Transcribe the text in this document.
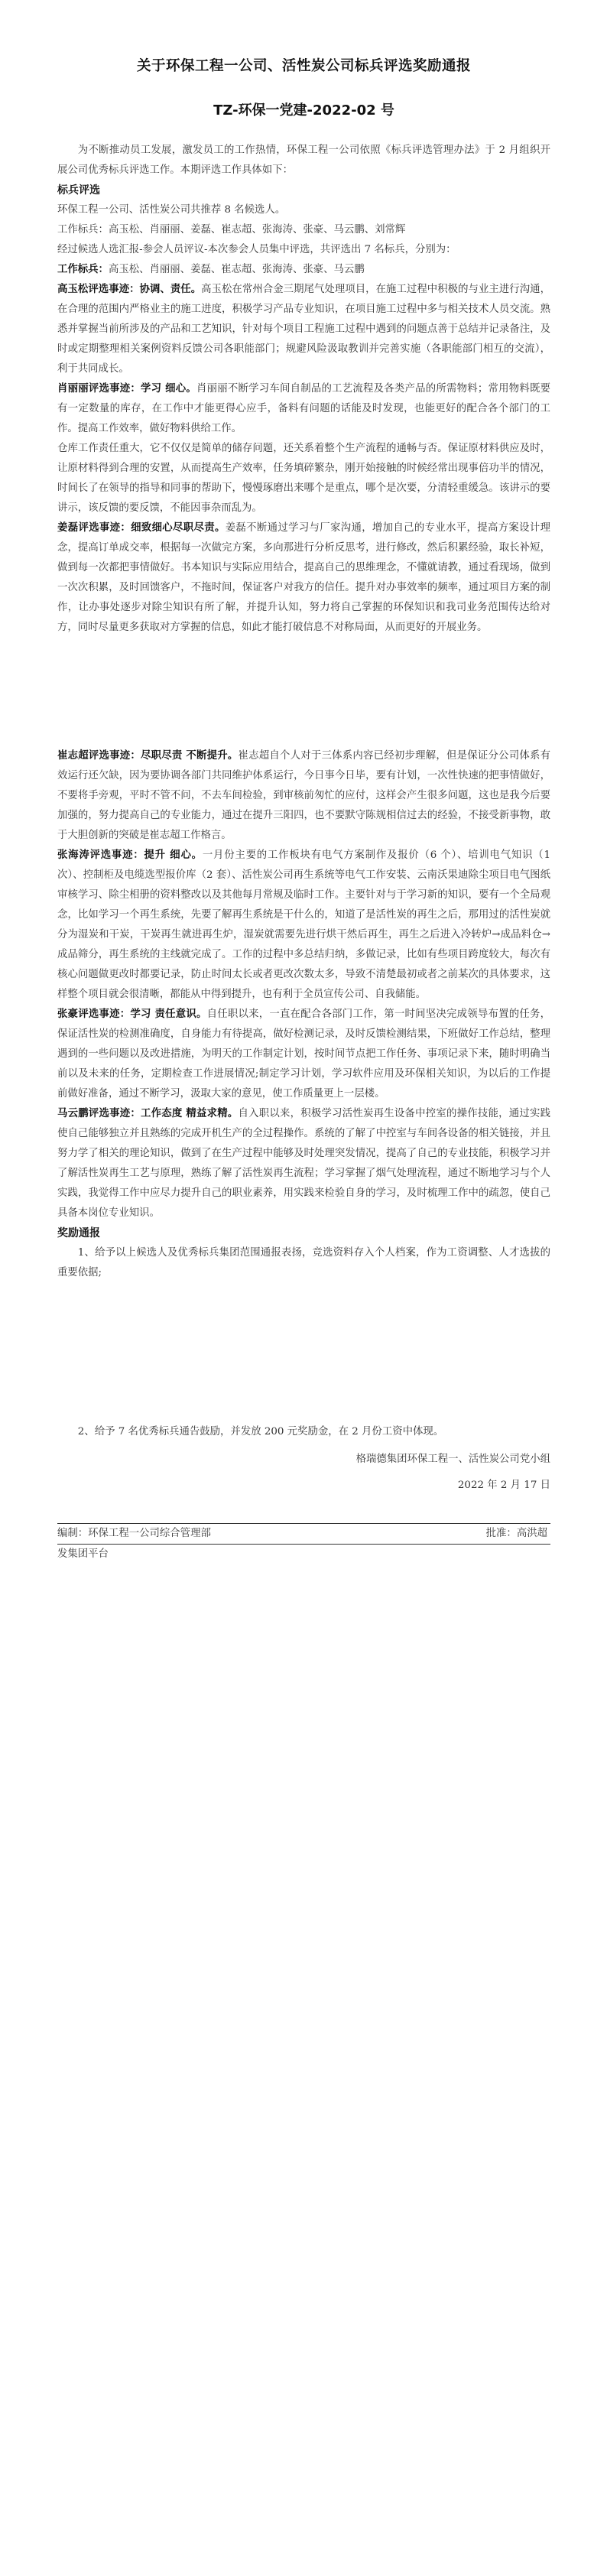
关于环保工程一公司、活性炭公司标兵评选奖励通报
TZ-环保一党建-2022-02 号

为不断推动员工发展，激发员工的工作热情，环保工程一公司依照《标兵评选管理办法》于 2 月组织开展公司优秀标兵评选工作。本期评选工作具体如下：

标兵评选

环保工程一公司、活性炭公司共推荐 8 名候选人。

工作标兵：高玉松、肖丽丽、姜磊、崔志超、张海涛、张豪、马云鹏、刘常辉

经过候选人选汇报-参会人员评议-本次参会人员集中评选，共评选出 7 名标兵，分别为：

工作标兵：高玉松、肖丽丽、姜磊、崔志超、张海涛、张豪、马云鹏

高玉松评选事迹：协调、责任。高玉松在常州合金三期尾气处理项目，在施工过程中积极的与业主进行沟通，在合理的范围内严格业主的施工进度，积极学习产品专业知识，在项目施工过程中多与相关技术人员交流。熟悉并掌握当前所涉及的产品和工艺知识，针对每个项目工程施工过程中遇到的问题点善于总结并记录备注，及时或定期整理相关案例资料反馈公司各职能部门；规避风险汲取教训并完善实施（各职能部门相互的交流），利于共同成长。

肖丽丽评选事迹：学习 细心。肖丽丽不断学习车间自制品的工艺流程及各类产品的所需物料；常用物料既要有一定数量的库存，在工作中才能更得心应手，备料有问题的话能及时发现，也能更好的配合各个部门的工作。提高工作效率，做好物料供给工作。

仓库工作责任重大，它不仅仅是简单的储存问题，还关系着整个生产流程的通畅与否。保证原材料供应及时，让原材料得到合理的安置，从而提高生产效率，任务填碎繁杂，刚开始接触的时候经常出现事倍功半的情况，时间长了在领导的指导和同事的帮助下，慢慢琢磨出来哪个是重点，哪个是次要，分清轻重缓急。该讲示的要讲示，该反馈的要反馈，不能因事杂而乱为。

姜磊评选事迹：细致细心尽职尽责。姜磊不断通过学习与厂家沟通，增加自己的专业水平，提高方案设计理念，提高订单成交率，根据每一次做完方案，多向那进行分析反思考，进行修改，然后积累经验，取长补短，做到每一次都把事情做好。书本知识与实际应用结合，提高自己的思维理念，不懂就请教，通过看现场，做到一次次积累，及时回馈客户，不拖时间，保证客户对我方的信任。提升对办事效率的频率，通过项目方案的制作，让办事处逐步对除尘知识有所了解，并提升认知，努力将自己掌握的环保知识和我司业务范围传达给对方，同时尽量更多获取对方掌握的信息，如此才能打破信息不对称局面，从而更好的开展业务。

崔志超评选事迹：尽职尽责 不断提升。崔志超自个人对于三体系内容已经初步理解，但是保证分公司体系有效运行还欠缺，因为要协调各部门共同维护体系运行，今日事今日毕，要有计划，一次性快速的把事情做好，不要将手旁观，平时不管不问，不去车间检验，到审核前匆忙的应付，这样会产生很多问题，这也是我今后要加强的，努力提高自己的专业能力，通过在提升三阳四，也不要默守陈规相信过去的经验，不接受新事物，敢于大胆创新的突破是崔志超工作格言。

张海涛评选事迹：提升 细心。一月份主要的工作板块有电气方案制作及报价（6 个）、培训电气知识（1 次）、控制柜及电缆选型报价库（2 套）、活性炭公司再生系统等电气工作安装、云南沃果迪除尘项目电气图纸审核学习、除尘相册的资料整改以及其他每月常规及临时工作。主要针对与于学习新的知识，要有一个全局观念，比如学习一个再生系统，先要了解再生系统是干什么的，知道了是活性炭的再生之后，那用过的活性炭就分为湿炭和干炭，干炭再生就进再生炉，湿炭就需要先进行烘干然后再生，再生之后进入冷转炉→成品料仓→成品筛分，再生系统的主线就完成了。工作的过程中多总结归纳，多做记录，比如有些项目跨度较大，每次有核心问题做更改时都要记录，防止时间太长或者更改次数太多，导致不清楚最初或者之前某次的具体要求，这样整个项目就会很清晰，都能从中得到提升，也有利于全员宣传公司、自我储能。

张豪评选事迹：学习 责任意识。自任职以来，一直在配合各部门工作，第一时间坚决完成领导布置的任务，保证活性炭的检测准确度，自身能力有待提高，做好检测记录，及时反馈检测结果，下班做好工作总结，整理遇到的一些问题以及改进措施，为明天的工作制定计划，按时间节点把工作任务、事项记录下来，随时明确当前以及未来的任务，定期检查工作进展情况;制定学习计划，学习软件应用及环保相关知识，为以后的工作提前做好准备，通过不断学习，汲取大家的意见，使工作质量更上一层楼。

马云鹏评选事迹：工作态度 精益求精。自入职以来，积极学习活性炭再生设备中控室的操作技能，通过实践使自己能够独立并且熟练的完成开机生产的全过程操作。系统的了解了中控室与车间各设备的相关链接，并且努力学了相关的理论知识，做到了在生产过程中能够及时处理突发情况，提高了自己的专业技能，积极学习并了解活性炭再生工艺与原理，熟练了解了活性炭再生流程；学习掌握了烟气处理流程，通过不断地学习与个人实践，我觉得工作中应尽力提升自己的职业素养，用实践来检验自身的学习，及时梳理工作中的疏忽，使自己具备本岗位专业知识。

奖励通报

1、给予以上候选人及优秀标兵集团范围通报表扬，竞选资料存入个人档案，作为工资调整、人才选拔的重要依据;

2、给予 7 名优秀标兵通告鼓励，并发放 200 元奖励金，在 2 月份工资中体现。

格瑞德集团环保工程一、活性炭公司党小组

2022 年 2 月 17 日

编制：环保工程一公司综合管理部	批准：高洪超

发集团平台
